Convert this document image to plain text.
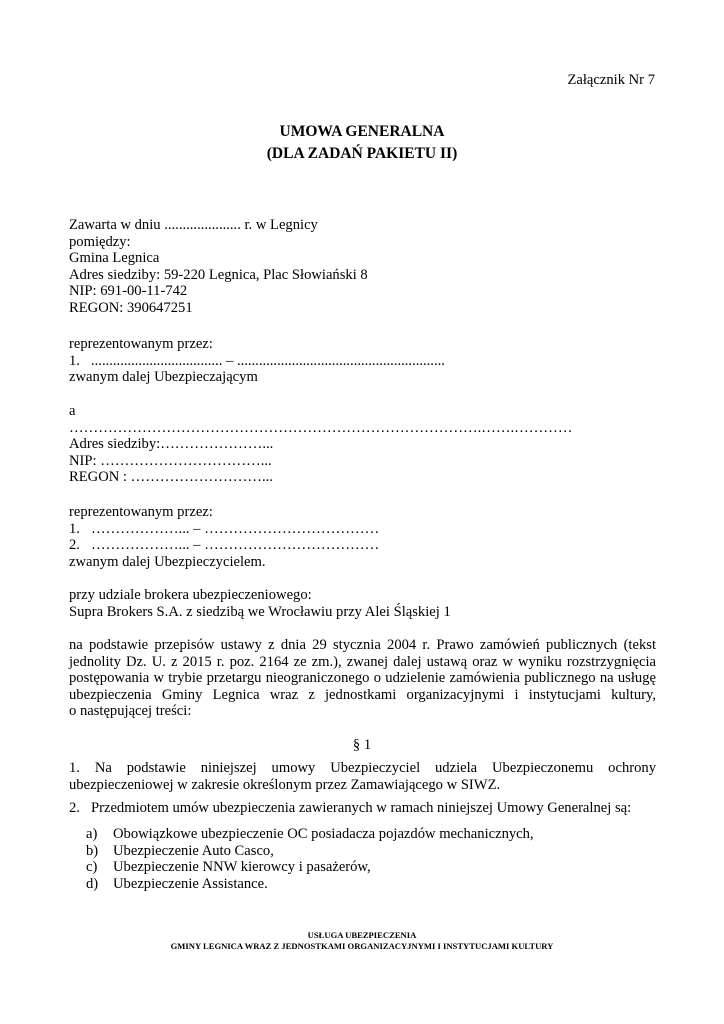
Załącznik Nr 7
UMOWA GENERALNA
(DLA ZADAŃ PAKIETU II)
Zawarta w dniu ..................... r. w Legnicy
pomiędzy:
Gmina Legnica
Adres siedziby: 59-220 Legnica, Plac Słowiański 8
NIP: 691-00-11-742
REGON: 390647251
reprezentowanym przez:
1. .................................... – .........................................................
zwanym dalej Ubezpieczającym
a
………………………………………………………………………….…….…………
Adres siedziby:…………………...
NIP: ……………………………...
REGON : ………………………...
reprezentowanym przez:
1. ………………... – ………………………………
2. ………………... – ………………………………
zwanym dalej Ubezpieczycielem.
przy udziale brokera ubezpieczeniowego:
Supra Brokers S.A. z siedzibą we Wrocławiu przy Alei Śląskiej 1
na podstawie przepisów ustawy z dnia 29 stycznia 2004 r. Prawo zamówień publicznych (tekst
jednolity Dz. U. z 2015 r. poz. 2164 ze zm.), zwanej dalej ustawą oraz w wyniku rozstrzygnięcia
postępowania w trybie przetargu nieograniczonego o udzielenie zamówienia publicznego na usługę
ubezpieczenia Gminy Legnica wraz z jednostkami organizacyjnymi i instytucjami kultury,
o następującej treści:
§ 1
1. Na podstawie niniejszej umowy Ubezpieczyciel udziela Ubezpieczonemu ochrony
ubezpieczeniowej w zakresie określonym przez Zamawiającego w SIWZ.
2. Przedmiotem umów ubezpieczenia zawieranych w ramach niniejszej Umowy Generalnej są:
a) Obowiązkowe ubezpieczenie OC posiadacza pojazdów mechanicznych,
b) Ubezpieczenie Auto Casco,
c) Ubezpieczenie NNW kierowcy i pasażerów,
d) Ubezpieczenie Assistance.
USŁUGA UBEZPIECZENIA
GMINY LEGNICA WRAZ Z JEDNOSTKAMI ORGANIZACYJNYMI I INSTYTUCJAMI KULTURY
